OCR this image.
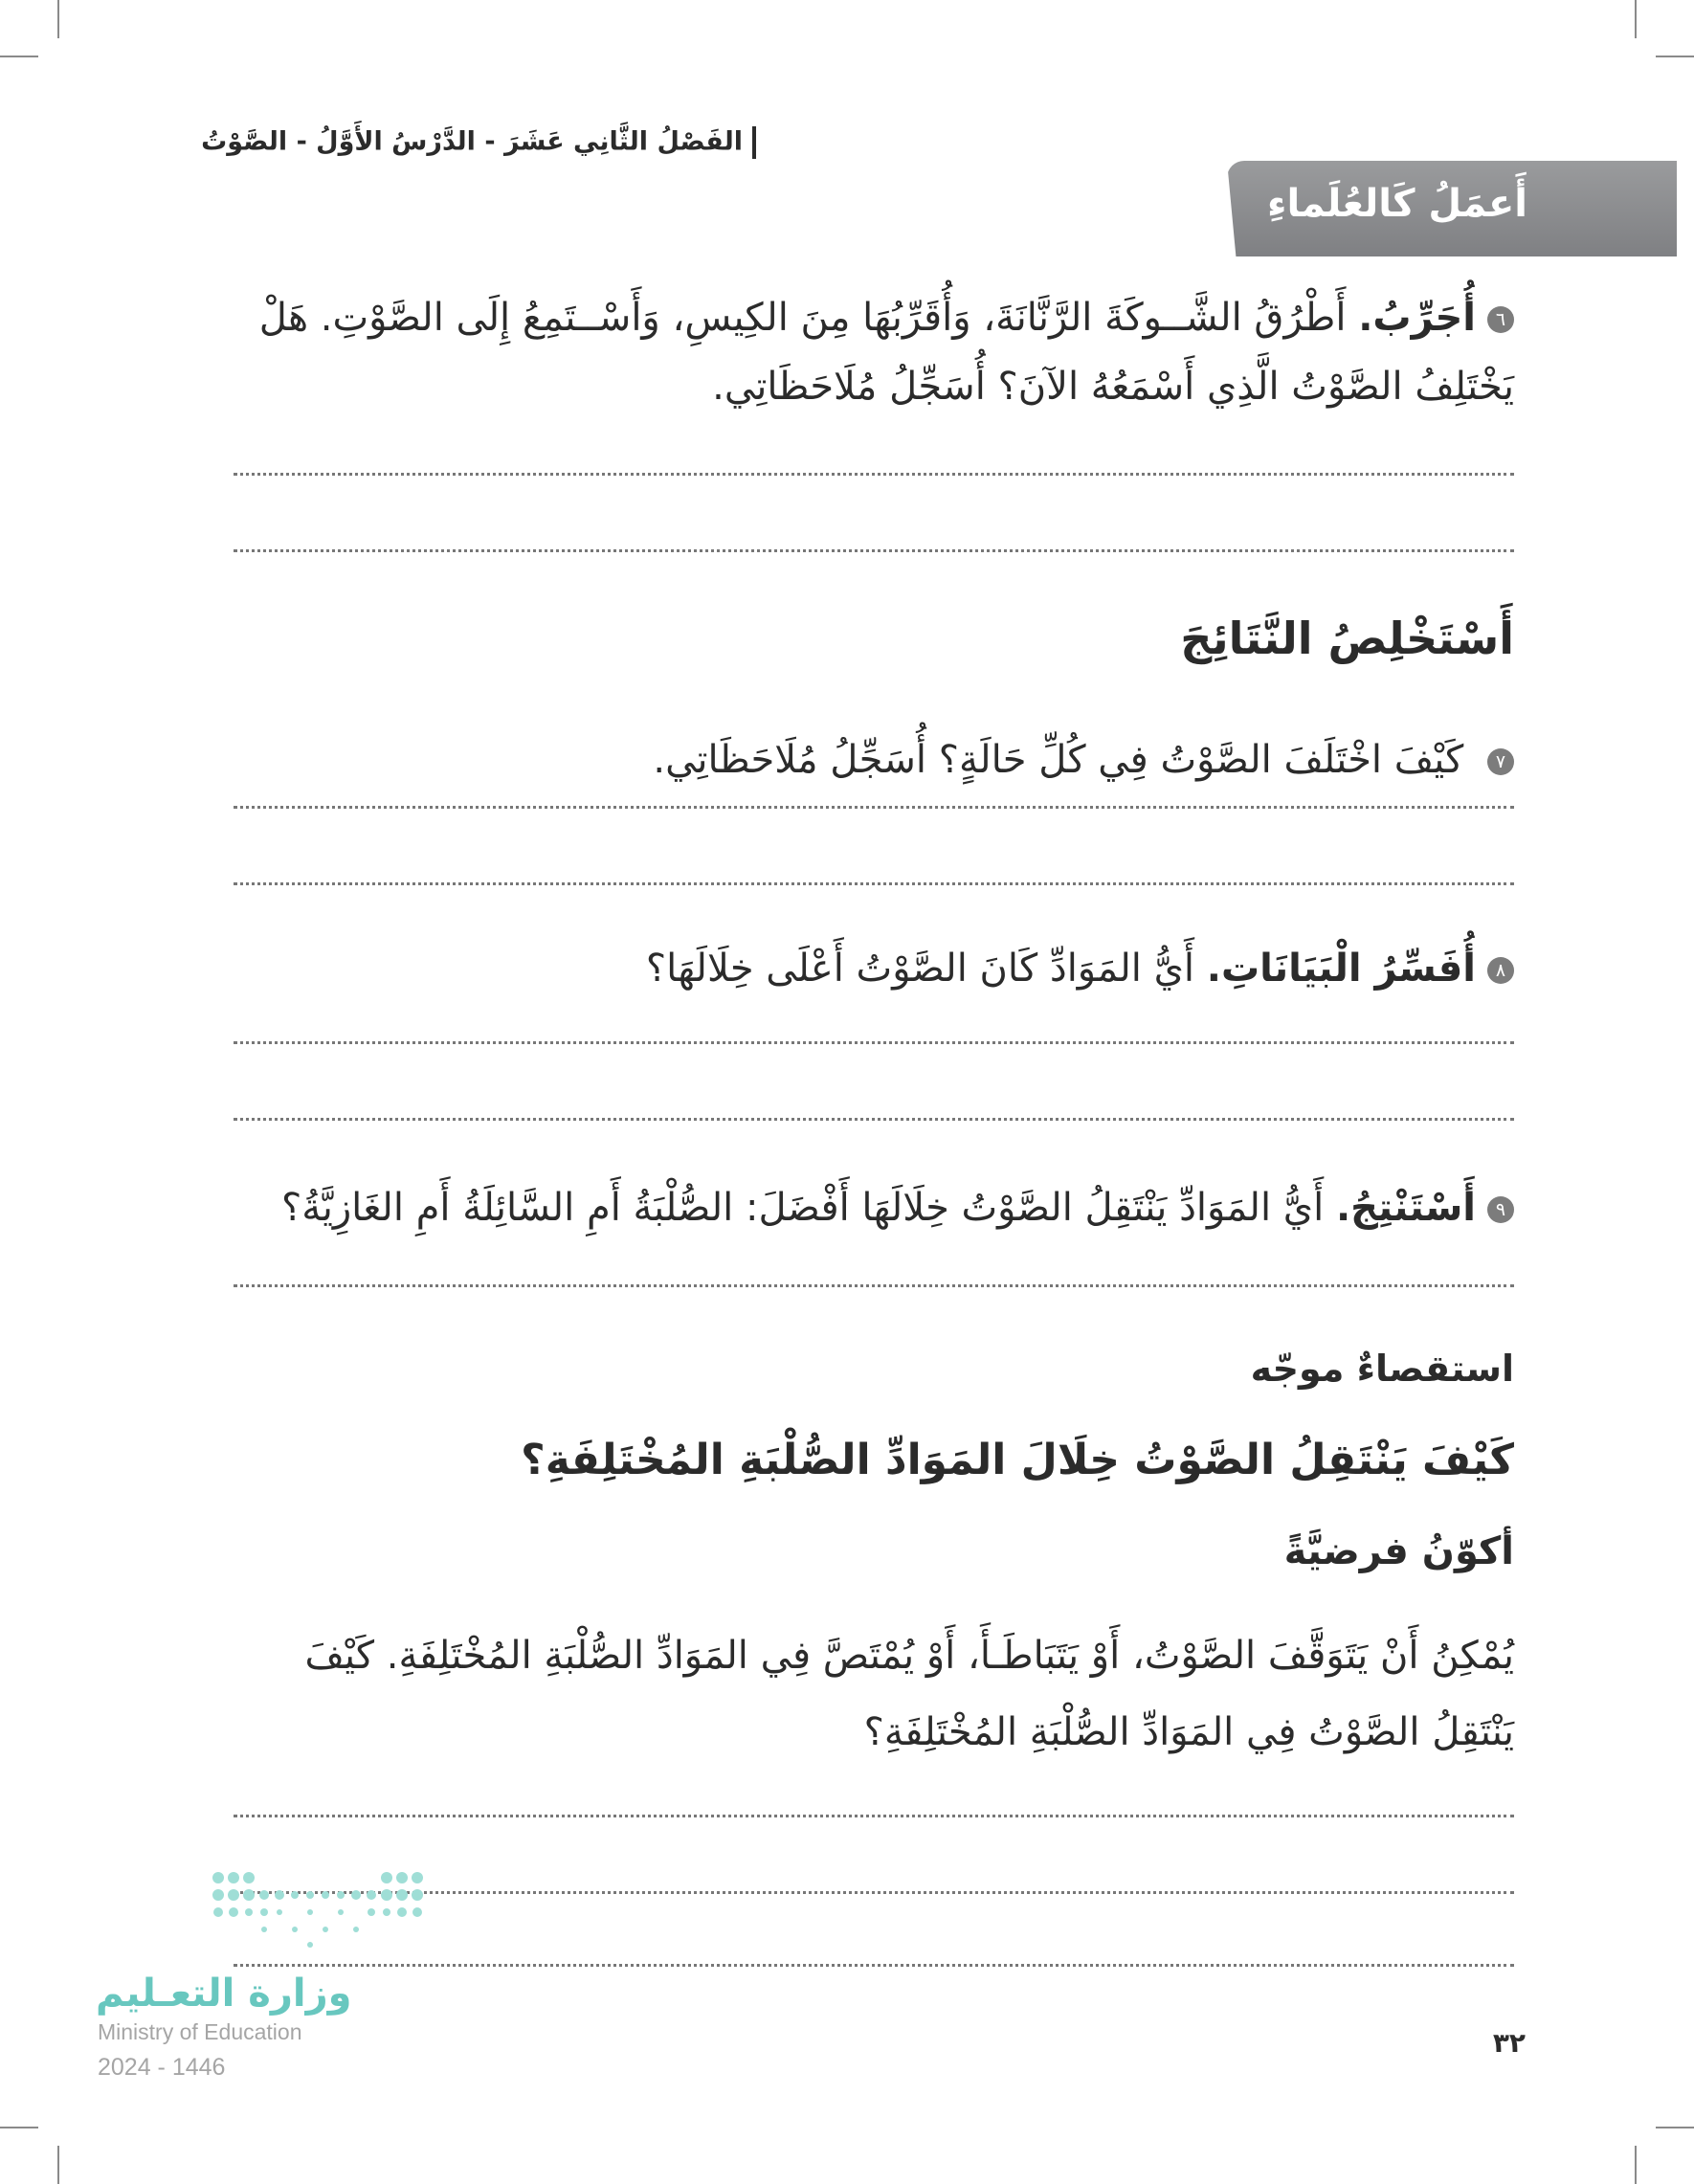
الفَصْلُ الثَّانِي عَشَرَ - الدَّرْسُ الأَوَّلُ - الصَّوْتُ
أَعمَلُ كَالعُلَماءِ
٦أُجَرِّبُ. أَطْرُقُ الشَّــوكَةَ الرَّنَّانَةَ، وَأُقَرِّبُهَا مِنَ الكِيسِ، وَأَسْــتَمِعُ إِلَى الصَّوْتِ. هَلْ يَخْتَلِفُ الصَّوْتُ الَّذِي أَسْمَعُهُ الآنَ؟ أُسَجِّلُ مُلَاحَظَاتِي.
أَسْتَخْلِصُ النَّتَائِجَ
٧ كَيْفَ اخْتَلَفَ الصَّوْتُ فِي كُلِّ حَالَةٍ؟ أُسَجِّلُ مُلَاحَظَاتِي.
٨أُفَسِّرُ الْبَيَانَاتِ. أَيُّ المَوَادِّ كَانَ الصَّوْتُ أَعْلَى خِلَالَهَا؟
٩أَسْتَنْتِجُ. أَيُّ المَوَادِّ يَنْتَقِلُ الصَّوْتُ خِلَالَهَا أَفْضَلَ: الصُّلْبَةُ أَمِ السَّائِلَةُ أَمِ الغَازِيَّةُ؟
استقصاءٌ موجّه
كَيْفَ يَنْتَقِلُ الصَّوْتُ خِلَالَ المَوَادِّ الصُّلْبَةِ المُخْتَلِفَةِ؟
أكوّنُ فرضيَّةً
يُمْكِنُ أَنْ يَتَوَقَّفَ الصَّوْتُ، أَوْ يَتَبَاطَـأَ، أَوْ يُمْتَصَّ فِي المَوَادِّ الصُّلْبَةِ المُخْتَلِفَةِ. كَيْفَ يَنْتَقِلُ الصَّوْتُ فِي المَوَادِّ الصُّلْبَةِ المُخْتَلِفَةِ؟
وزارة التعـليم
Ministry of Education
2024 - 1446
٣٢
